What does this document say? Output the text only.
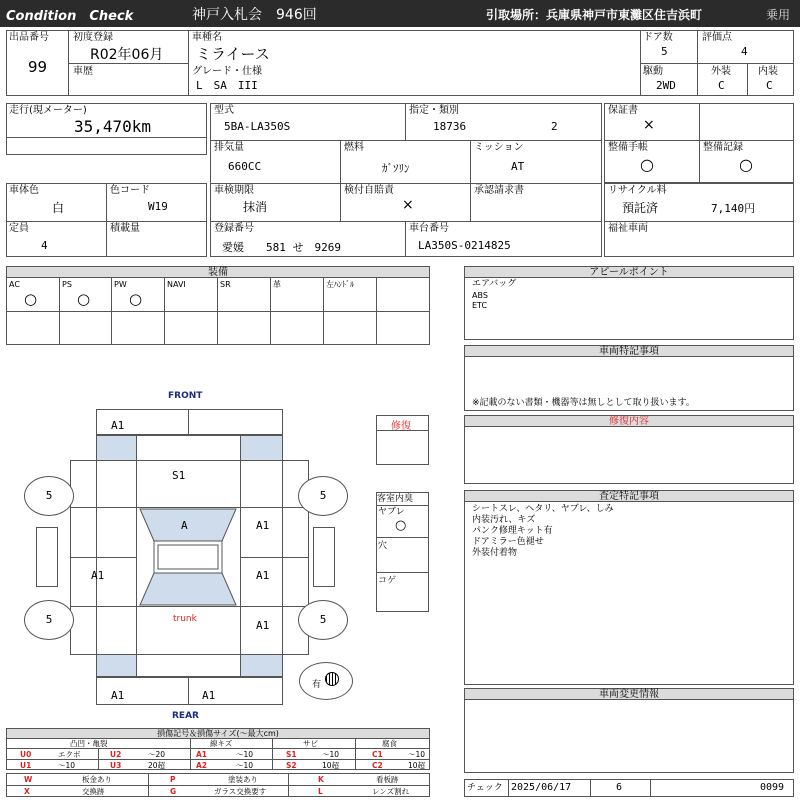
Condition　Check	神戸入札会　946回	引取場所：兵庫県神戸市東灘区住吉浜町	乗用
出品番号
99
初度登録
R02年06月
車歴
車種名
ミライース
グレード・仕様
L　SA　III
ドア数
5
評価点
4
駆動
2WD
外装
C
内装
C
走行(現メーター)
35,470km
型式
5BA-LA350S
指定・類別
18736	2
排気量
660CC
燃料
ｶﾞｿﾘﾝ
ミッション
AT
車検期限
抹消
検付自賠責
×
承認請求書
登録番号
愛媛　　581 せ　9269
車台番号
LA350S-0214825
保証書
×
整備手帳
○
整備記録
○
リサイクル料
預託済	7,140円
福祉車両
車体色
白
色コード
W19
定員
4
積載量
装備
AC
○
PS
○
PW
○
NAVI	SR	革	左ﾊﾝﾄﾞﾙ
アピールポイント
エアバッグ
ABS
ETC
車両特記事項
※記載のない書類・機器等は無しとして取り扱います。
修復内容
査定特記事項
シートスレ、ヘタリ、ヤブレ、しみ
内装汚れ、キズ
パンク修理キット有
ドアミラー色褪せ
外装付着物
車両変更情報
チェック 2025/06/17	6	0099
修復
客室内臭
ヤブレ
○
穴
コゲ
FRONT
REAR
5	5
5	5
有
A1
S1
A	A1
A1	A1
A1
A1	A1
trunk
損傷記号＆損傷サイズ(～最大cm)
凸凹・亀裂	線キズ	サビ	腐食
U0	エクボ	U2	～20	A1	～10	S1	～10	C1	～10
U1	～10	U3	20超	A2	～10	S2	10超	C2	10超
W	板金あり	P	塗装あり	K	看板跡
X	交換跡	G	ガラス交換要す	L	レンズ割れ
